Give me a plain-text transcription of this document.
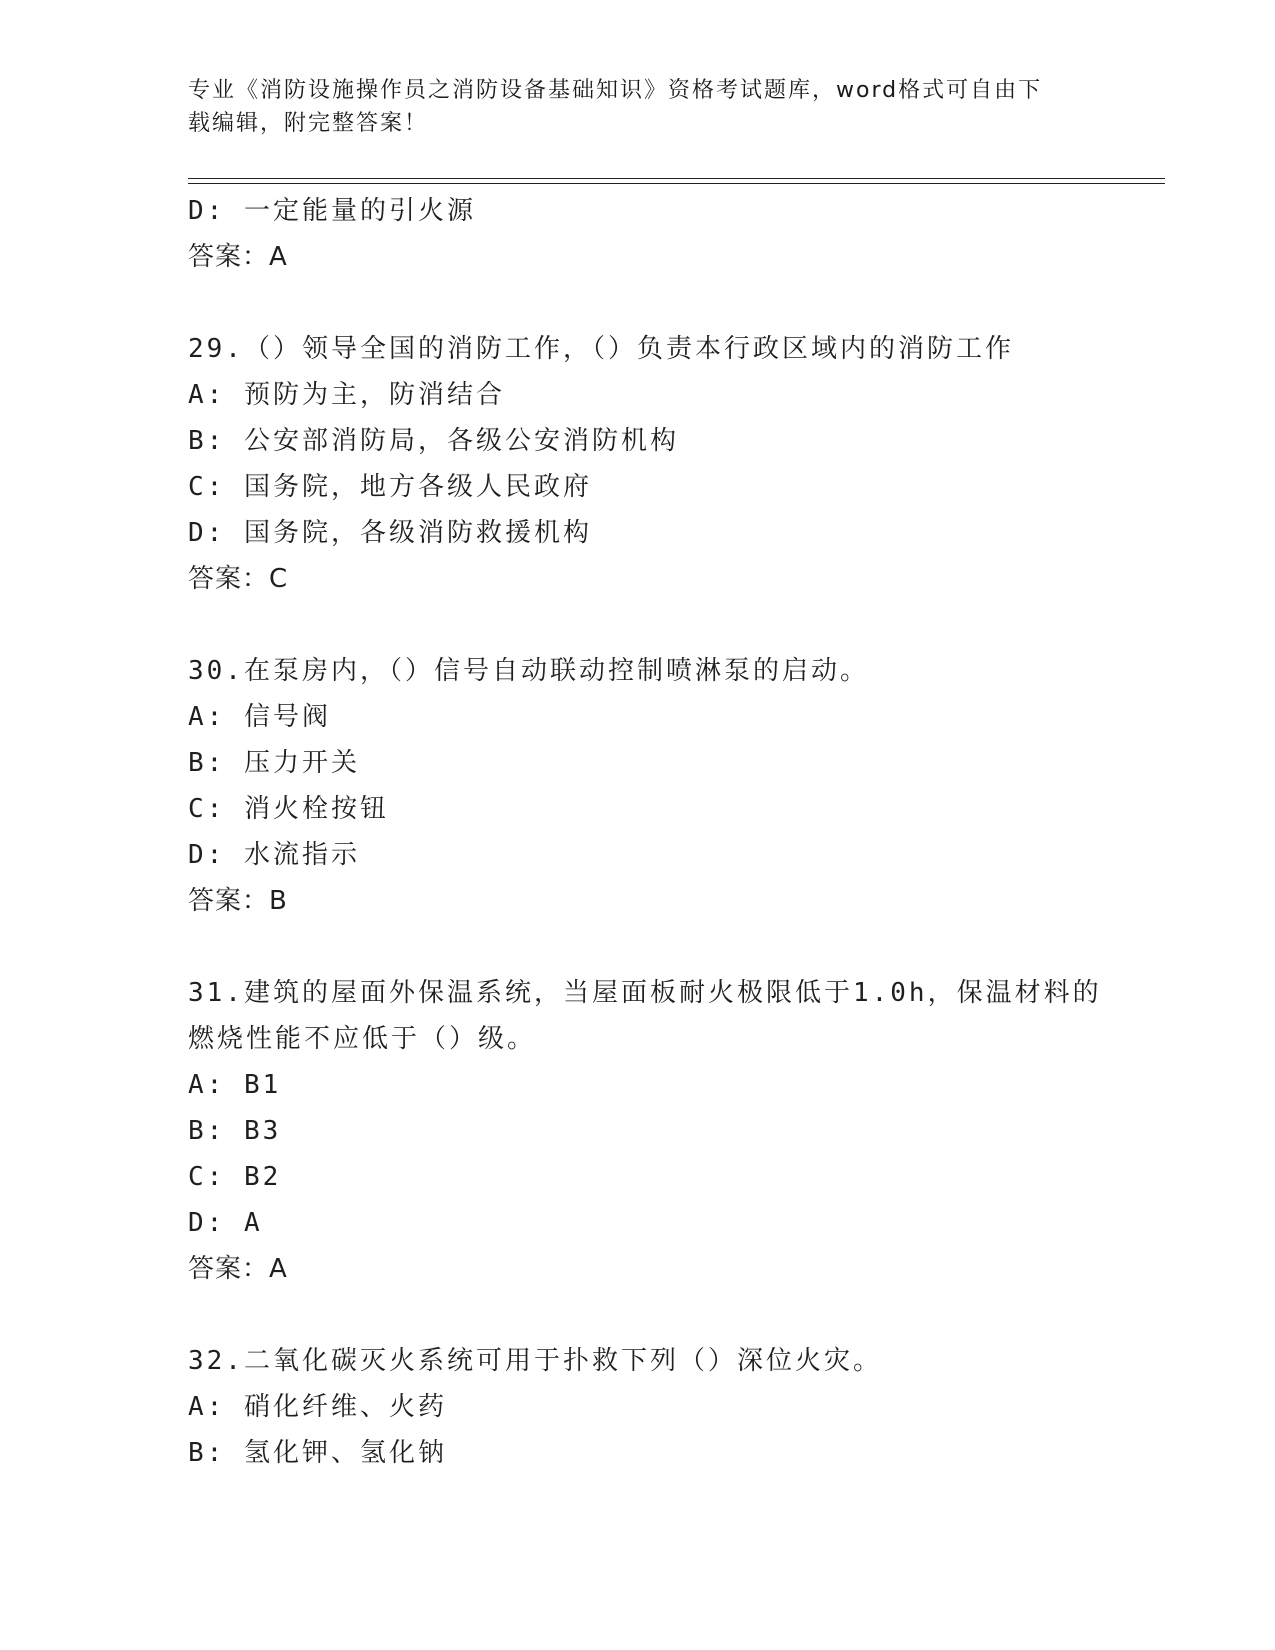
专业《消防设施操作员之消防设备基础知识》资格考试题库，word格式可自由下
载编辑，附完整答案！
D: 一定能量的引火源
答案：A
29.（）领导全国的消防工作，（）负责本行政区域内的消防工作
A: 预防为主，防消结合
B: 公安部消防局，各级公安消防机构
C: 国务院，地方各级人民政府
D: 国务院，各级消防救援机构
答案：C
30.在泵房内，（）信号自动联动控制喷淋泵的启动。
A: 信号阀
B: 压力开关
C: 消火栓按钮
D: 水流指示
答案：B
31.建筑的屋面外保温系统，当屋面板耐火极限低于1.0h，保温材料的
燃烧性能不应低于（）级。
A: B1
B: B3
C: B2
D: A
答案：A
32.二氧化碳灭火系统可用于扑救下列（）深位火灾。
A: 硝化纤维、火药
B: 氢化钾、氢化钠
